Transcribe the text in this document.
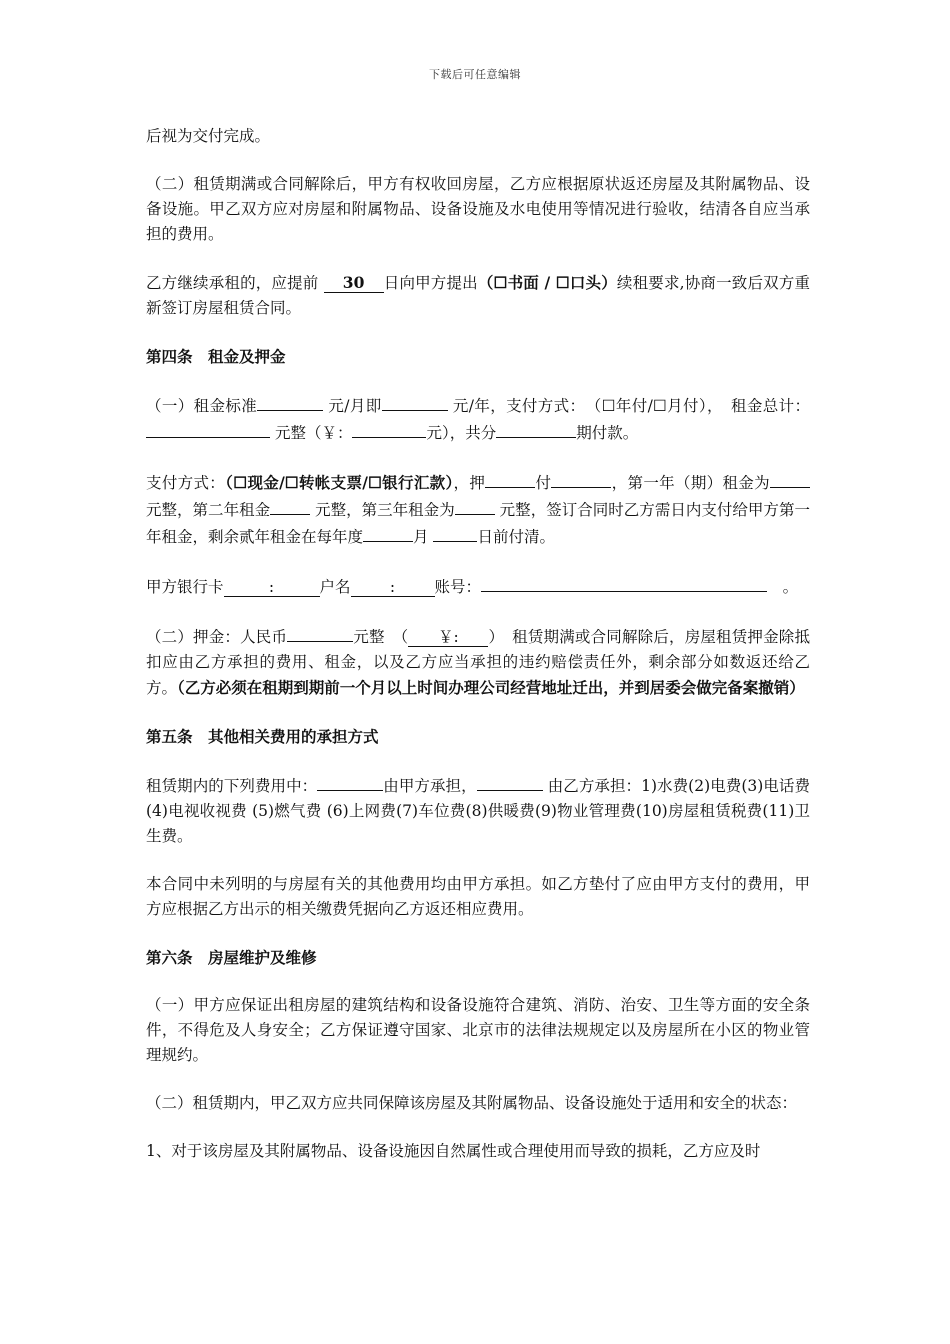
下载后可任意编辑

后视为交付完成。

（二）租赁期满或合同解除后，甲方有权收回房屋，乙方应根据原状返还房屋及其附属物品、设备设施。甲乙双方应对房屋和附属物品、设备设施及水电使用等情况进行验收，结清各自应当承担的费用。

乙方继续承租的，应提前 30 日向甲方提出（☐书面 / ☐口头）续租要求,协商一致后双方重新签订房屋租赁合同。

第四条　租金及押金

（一）租金标准	元/月即	元/年，支付方式：　 （☐年付/☐月付），　 租金总计： 元整（￥：	元），共分	期付款。

支付方式：（☐现金/☐转帐支票/☐银行汇款），押	付	，第一年（期）租金为 元整，第二年租金	元整，第三年租金为	元整，签订合同时乙方需日内支付给甲方第一年租金，剩余贰年租金在每年度	月	日前付清。

甲方银行卡	:	户名	:	账号：　	。

（二）押金：人民币	元整　（ ￥: ）　租赁期满或合同解除后，房屋租赁押金除抵扣应由乙方承担的费用、租金，以及乙方应当承担的违约赔偿责任外，剩余部分如数返还给乙方。（乙方必须在租期到期前一个月以上时间办理公司经营地址迁出，并到居委会做完备案撤销）

第五条　其他相关费用的承担方式

租赁期内的下列费用中：	由甲方承担，	由乙方承担：1)水费(2)电费(3)电话费(4)电视收视费 (5)燃气费 (6)上网费(7)车位费(8)供暖费(9)物业管理费(10)房屋租赁税费(11)卫生费。

本合同中未列明的与房屋有关的其他费用均由甲方承担。如乙方垫付了应由甲方支付的费用，甲方应根据乙方出示的相关缴费凭据向乙方返还相应费用。

第六条　房屋维护及维修

（一）甲方应保证出租房屋的建筑结构和设备设施符合建筑、消防、治安、卫生等方面的安全条件，不得危及人身安全；乙方保证遵守国家、北京市的法律法规规定以及房屋所在小区的物业管理规约。

（二）租赁期内，甲乙双方应共同保障该房屋及其附属物品、设备设施处于适用和安全的状态：

1、对于该房屋及其附属物品、设备设施因自然属性或合理使用而导致的损耗，乙方应及时
